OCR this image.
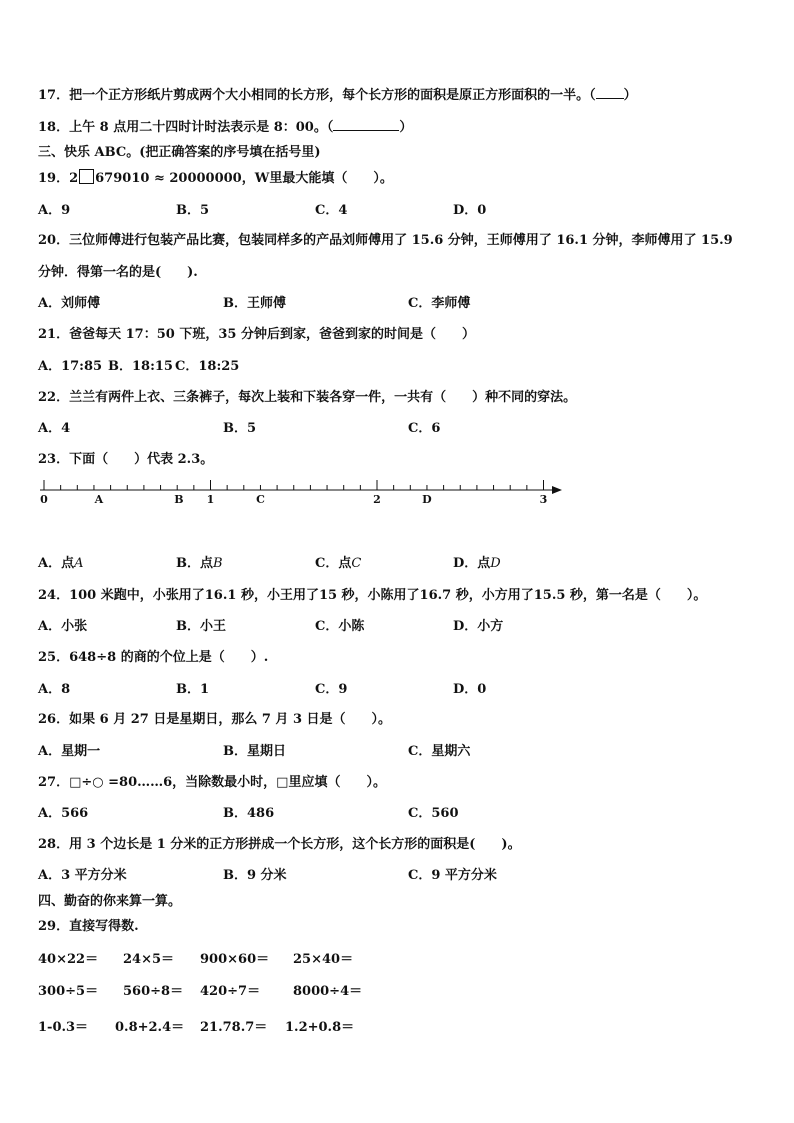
17．把一个正方形纸片剪成两个大小相同的长方形，每个长方形的面积是原正方形面积的一半。（ ）
18．上午 8 点用二十四时计时法表示是 8：00。（	）
三、快乐 ABC。(把正确答案的序号填在括号里)
19．2 679010 ≈ 20000000，W里最大能填（　　）。
A．9	B．5	C．4	D．0
20．三位师傅进行包装产品比赛，包装同样多的产品刘师傅用了 15.6 分钟，王师傅用了 16.1 分钟，李师傅用了 15.9
分钟．得第一名的是(　　).
A．刘师傅	B．王师傅	C．李师傅
21．爸爸每天 17：50 下班，35 分钟后到家，爸爸到家的时间是（　　）
A．17:85 B．18:15 C．18:25
22．兰兰有两件上衣、三条裤子，每次上装和下装各穿一件，一共有（　　）种不同的穿法。
A．4	B．5	C．6
23．下面（　　）代表 2.3。
0	A	B 1	C	2	D	3
A．点A	B．点B	C．点C	D．点D
24．100 米跑中，小张用了16.1 秒，小王用了15 秒，小陈用了16.7 秒，小方用了15.5 秒，第一名是（　　）。
A．小张	B．小王	C．小陈	D．小方
25．648÷8 的商的个位上是（　　）.
A．8	B．1	C．9	D．0
26．如果 6 月 27 日是星期日，那么 7 月 3 日是（　　）。
A．星期一	B．星期日	C．星期六
27．□÷○ =80……6，当除数最小时，□里应填（　　）。
A．566	B．486	C．560
28．用 3 个边长是 1 分米的正方形拼成一个长方形，这个长方形的面积是(　　)。
A．3 平方分米	B．9 分米	C．9 平方分米
四、勤奋的你来算一算。
29．直接写得数.
40×22＝ 24×5＝ 900×60＝ 25×40＝
300÷5＝ 560÷8＝ 420÷7＝	8000÷4＝
1-0.3＝ 0.8+2.4＝ 21.78.7＝ 1.2+0.8＝
